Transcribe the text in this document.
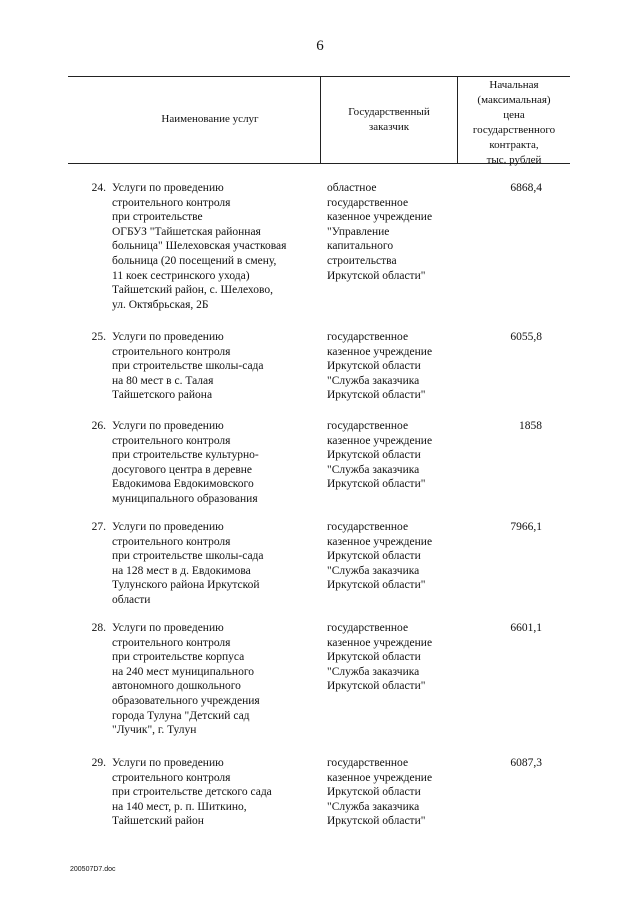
6
Наименование услуг
Государственный
заказчик
Начальная
(максимальная)
цена
государственного
контракта,
тыс. рублей
24. Услуги по проведению
строительного контроля
при строительстве
ОГБУЗ "Тайшетская районная
больница" Шелеховская участковая
больница (20 посещений в смену,
11 коек сестринского ухода)
Тайшетский район, с. Шелехово,
ул. Октябрьская, 2Б
областное
государственное
казенное учреждение
"Управление
капитального
строительства
Иркутской области"
6868,4
25. Услуги по проведению
строительного контроля
при строительстве школы-сада
на 80 мест в с. Талая
Тайшетского района
государственное
казенное учреждение
Иркутской области
"Служба заказчика
Иркутской области"
6055,8
26. Услуги по проведению
строительного контроля
при строительстве культурно-
досугового центра в деревне
Евдокимова Евдокимовского
муниципального образования
государственное
казенное учреждение
Иркутской области
"Служба заказчика
Иркутской области"
1858
27. Услуги по проведению
строительного контроля
при строительстве школы-сада
на 128 мест в д. Евдокимова
Тулунского района Иркутской
области
государственное
казенное учреждение
Иркутской области
"Служба заказчика
Иркутской области"
7966,1
28. Услуги по проведению
строительного контроля
при строительстве корпуса
на 240 мест муниципального
автономного дошкольного
образовательного учреждения
города Тулуна "Детский сад
"Лучик", г. Тулун
государственное
казенное учреждение
Иркутской области
"Служба заказчика
Иркутской области"
6601,1
29. Услуги по проведению
строительного контроля
при строительстве детского сада
на 140 мест, р. п. Шиткино,
Тайшетский район
государственное
казенное учреждение
Иркутской области
"Служба заказчика
Иркутской области"
6087,3
200507D7.doc
